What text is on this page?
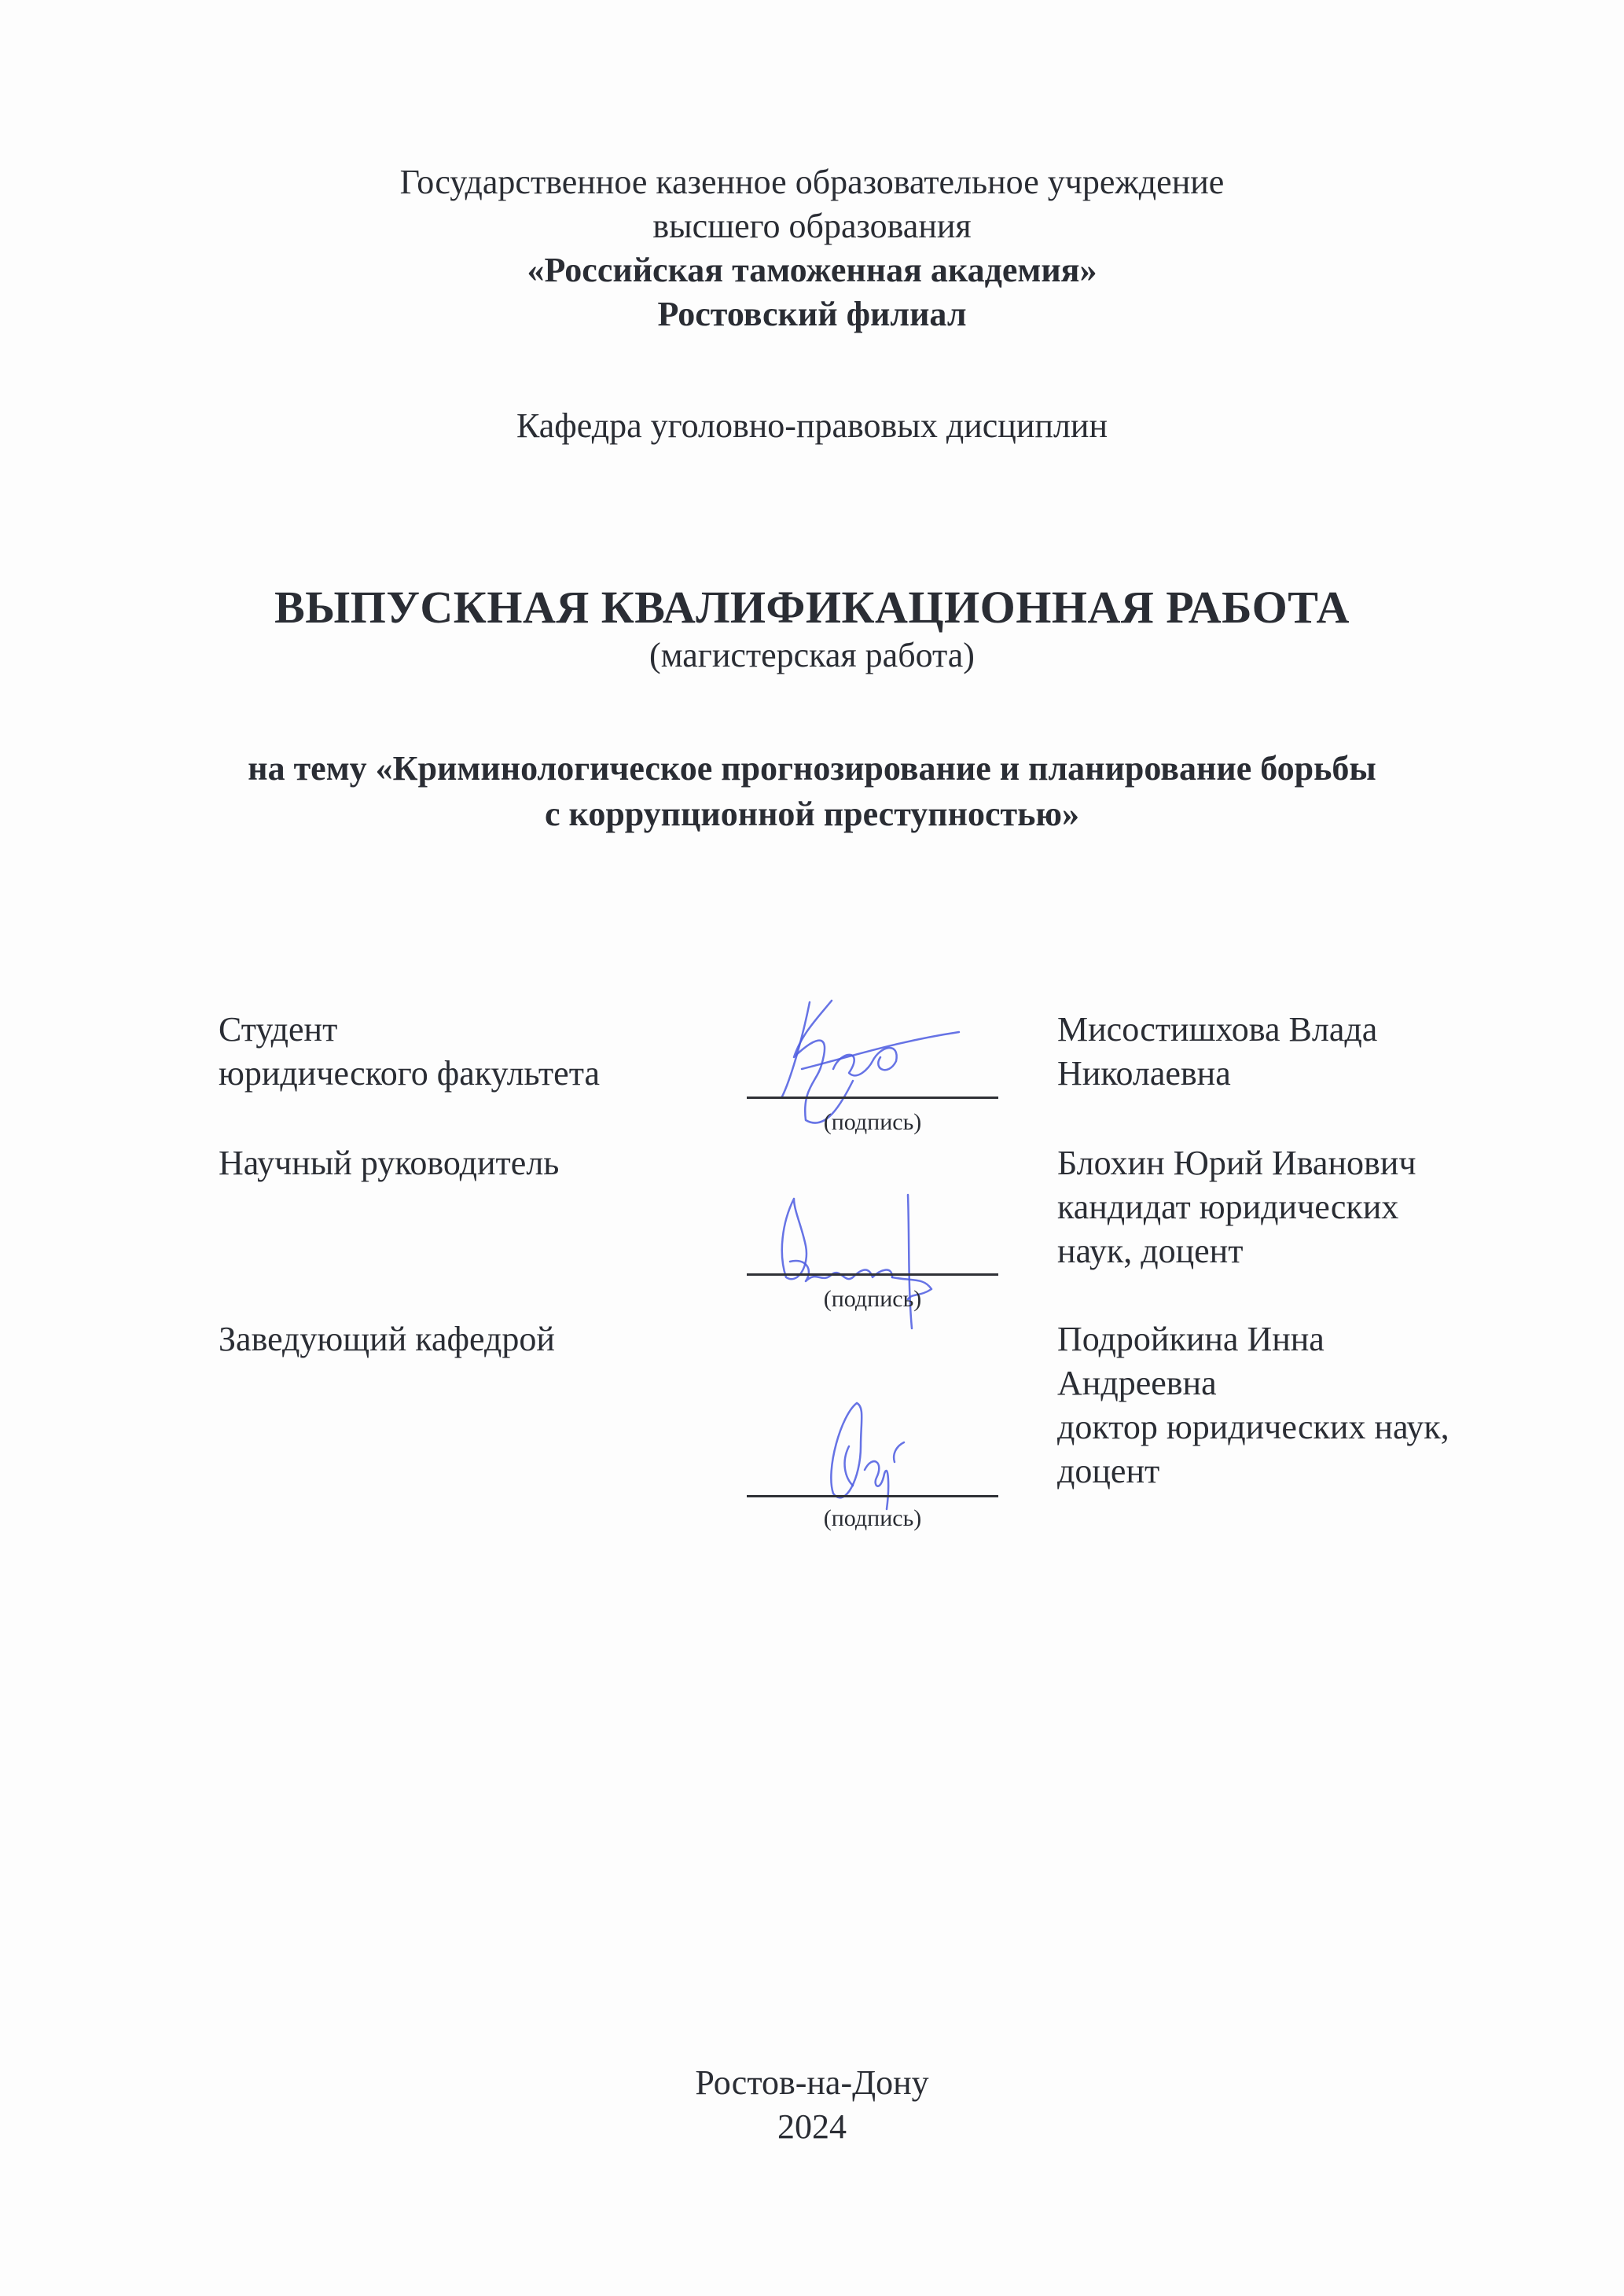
Государственное казенное образовательное учреждение
высшего образования
«Российская таможенная академия»
Ростовский филиал
Кафедра уголовно-правовых дисциплин
ВЫПУСКНАЯ КВАЛИФИКАЦИОННАЯ РАБОТА
(магистерская работа)
на тему «Криминологическое прогнозирование и планирование борьбы
с коррупционной преступностью»
Студент
юридического факультета
(подпись)
Мисостишхова Влада
Николаевна
Научный руководитель
(подпись)
Блохин Юрий Иванович
кандидат юридических
наук, доцент
Заведующий кафедрой
(подпись)
Подройкина Инна
Андреевна
доктор юридических наук,
доцент
Ростов-на-Дону
2024
